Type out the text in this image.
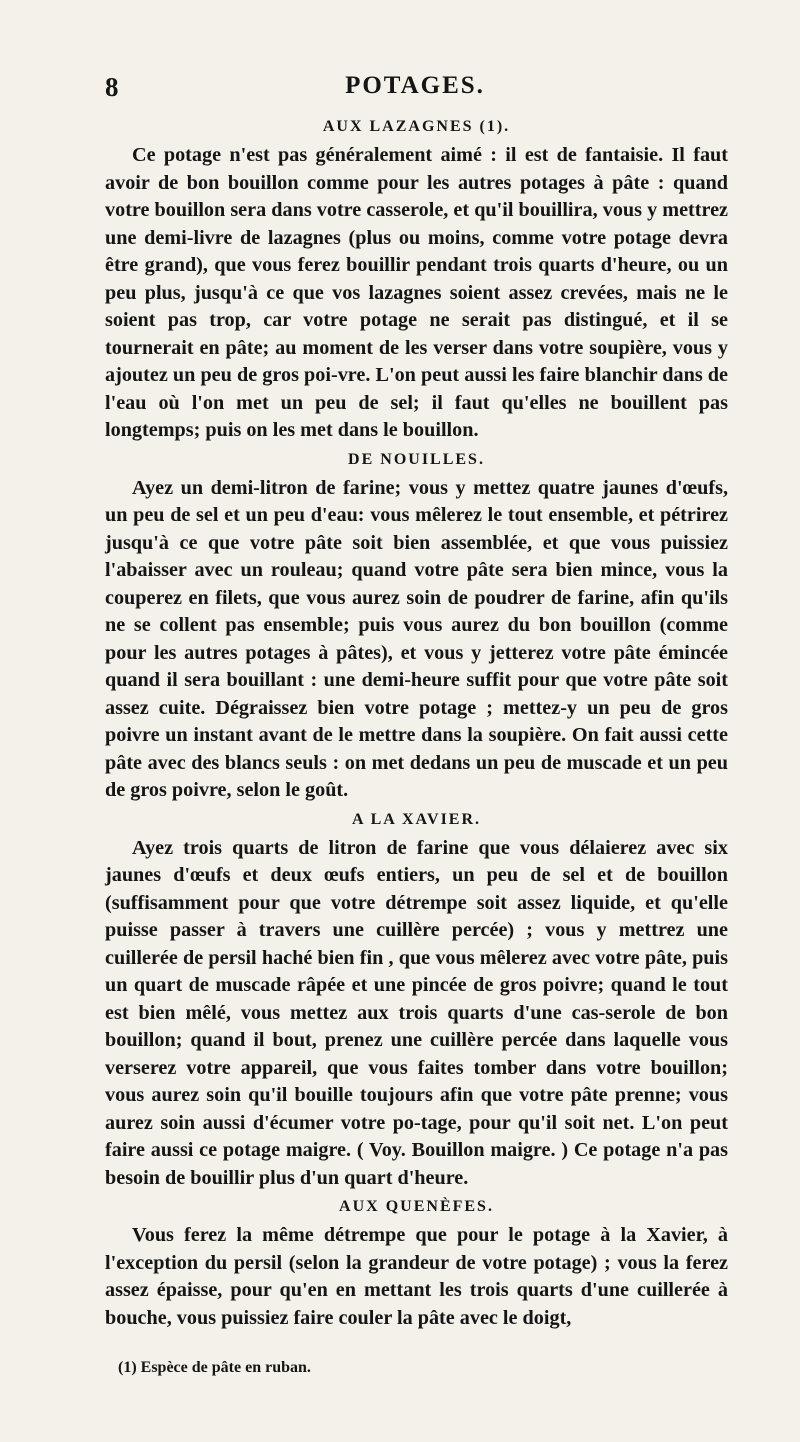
8	POTAGES.
AUX LAZAGNES (1).

Ce potage n'est pas généralement aimé : il est de fantaisie. Il faut avoir de bon bouillon comme pour les autres potages à pâte : quand votre bouillon sera dans votre casserole, et qu'il bouillira, vous y mettrez une demi-livre de lazagnes (plus ou moins, comme votre potage devra être grand), que vous ferez bouillir pendant trois quarts d'heure, ou un peu plus, jusqu'à ce que vos lazagnes soient assez crevées, mais ne le soient pas trop, car votre potage ne serait pas distingué, et il se tournerait en pâte; au moment de les verser dans votre soupière, vous y ajoutez un peu de gros poi-vre. L'on peut aussi les faire blanchir dans de l'eau où l'on met un peu de sel; il faut qu'elles ne bouillent pas longtemps; puis on les met dans le bouillon.

DE NOUILLES.

Ayez un demi-litron de farine; vous y mettez quatre jaunes d'œufs, un peu de sel et un peu d'eau: vous mêlerez le tout ensemble, et pétrirez jusqu'à ce que votre pâte soit bien assemblée, et que vous puissiez l'abaisser avec un rouleau; quand votre pâte sera bien mince, vous la couperez en filets, que vous aurez soin de poudrer de farine, afin qu'ils ne se collent pas ensemble; puis vous aurez du bon bouillon (comme pour les autres potages à pâtes), et vous y jetterez votre pâte émincée quand il sera bouillant : une demi-heure suffit pour que votre pâte soit assez cuite. Dégraissez bien votre potage ; mettez-y un peu de gros poivre un instant avant de le mettre dans la soupière. On fait aussi cette pâte avec des blancs seuls : on met dedans un peu de muscade et un peu de gros poivre, selon le goût.

A LA XAVIER.

Ayez trois quarts de litron de farine que vous délaierez avec six jaunes d'œufs et deux œufs entiers, un peu de sel et de bouillon (suffisamment pour que votre détrempe soit assez liquide, et qu'elle puisse passer à travers une cuillère percée) ; vous y mettrez une cuillerée de persil haché bien fin , que vous mêlerez avec votre pâte, puis un quart de muscade râpée et une pincée de gros poivre; quand le tout est bien mêlé, vous mettez aux trois quarts d'une cas-serole de bon bouillon; quand il bout, prenez une cuillère percée dans laquelle vous verserez votre appareil, que vous faites tomber dans votre bouillon; vous aurez soin qu'il bouille toujours afin que votre pâte prenne; vous aurez soin aussi d'écumer votre po-tage, pour qu'il soit net. L'on peut faire aussi ce potage maigre. ( Voy. Bouillon maigre. ) Ce potage n'a pas besoin de bouillir plus d'un quart d'heure.

AUX QUENÈFES.

Vous ferez la même détrempe que pour le potage à la Xavier, à l'exception du persil (selon la grandeur de votre potage) ; vous la ferez assez épaisse, pour qu'en en mettant les trois quarts d'une cuillerée à bouche, vous puissiez faire couler la pâte avec le doigt,

(1) Espèce de pâte en ruban.
